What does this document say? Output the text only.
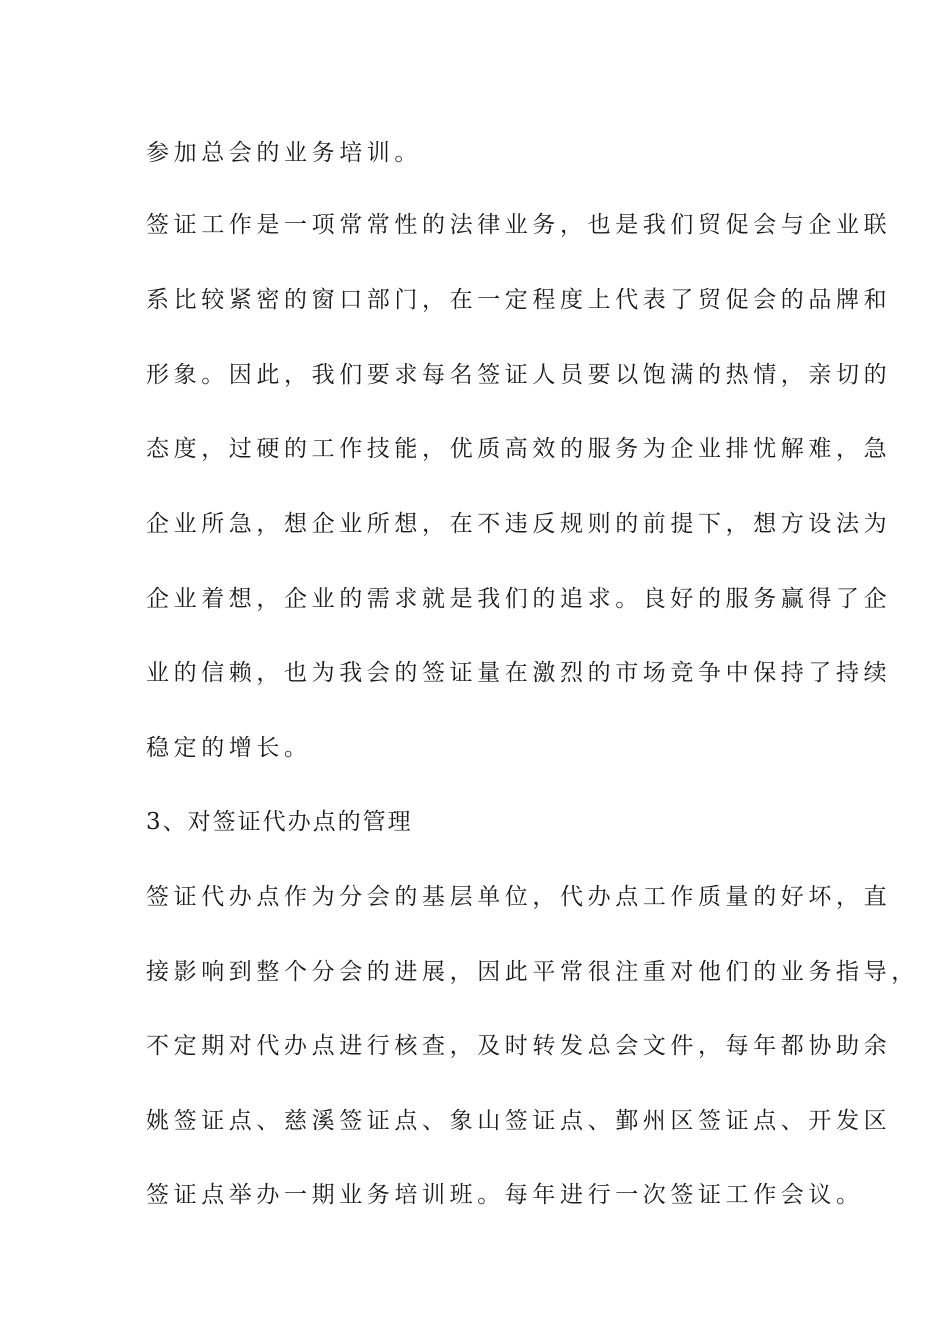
参加总会的业务培训。
签证工作是一项常常性的法律业务，也是我们贸促会与企业联
系比较紧密的窗口部门，在一定程度上代表了贸促会的品牌和
形象。因此，我们要求每名签证人员要以饱满的热情，亲切的
态度，过硬的工作技能，优质高效的服务为企业排忧解难，急
企业所急，想企业所想，在不违反规则的前提下，想方设法为
企业着想，企业的需求就是我们的追求。良好的服务赢得了企
业的信赖，也为我会的签证量在激烈的市场竞争中保持了持续
稳定的增长。
3、对签证代办点的管理
签证代办点作为分会的基层单位，代办点工作质量的好坏，直
接影响到整个分会的进展，因此平常很注重对他们的业务指导，
不定期对代办点进行核查，及时转发总会文件，每年都协助余
姚签证点、慈溪签证点、象山签证点、鄞州区签证点、开发区
签证点举办一期业务培训班。每年进行一次签证工作会议。
